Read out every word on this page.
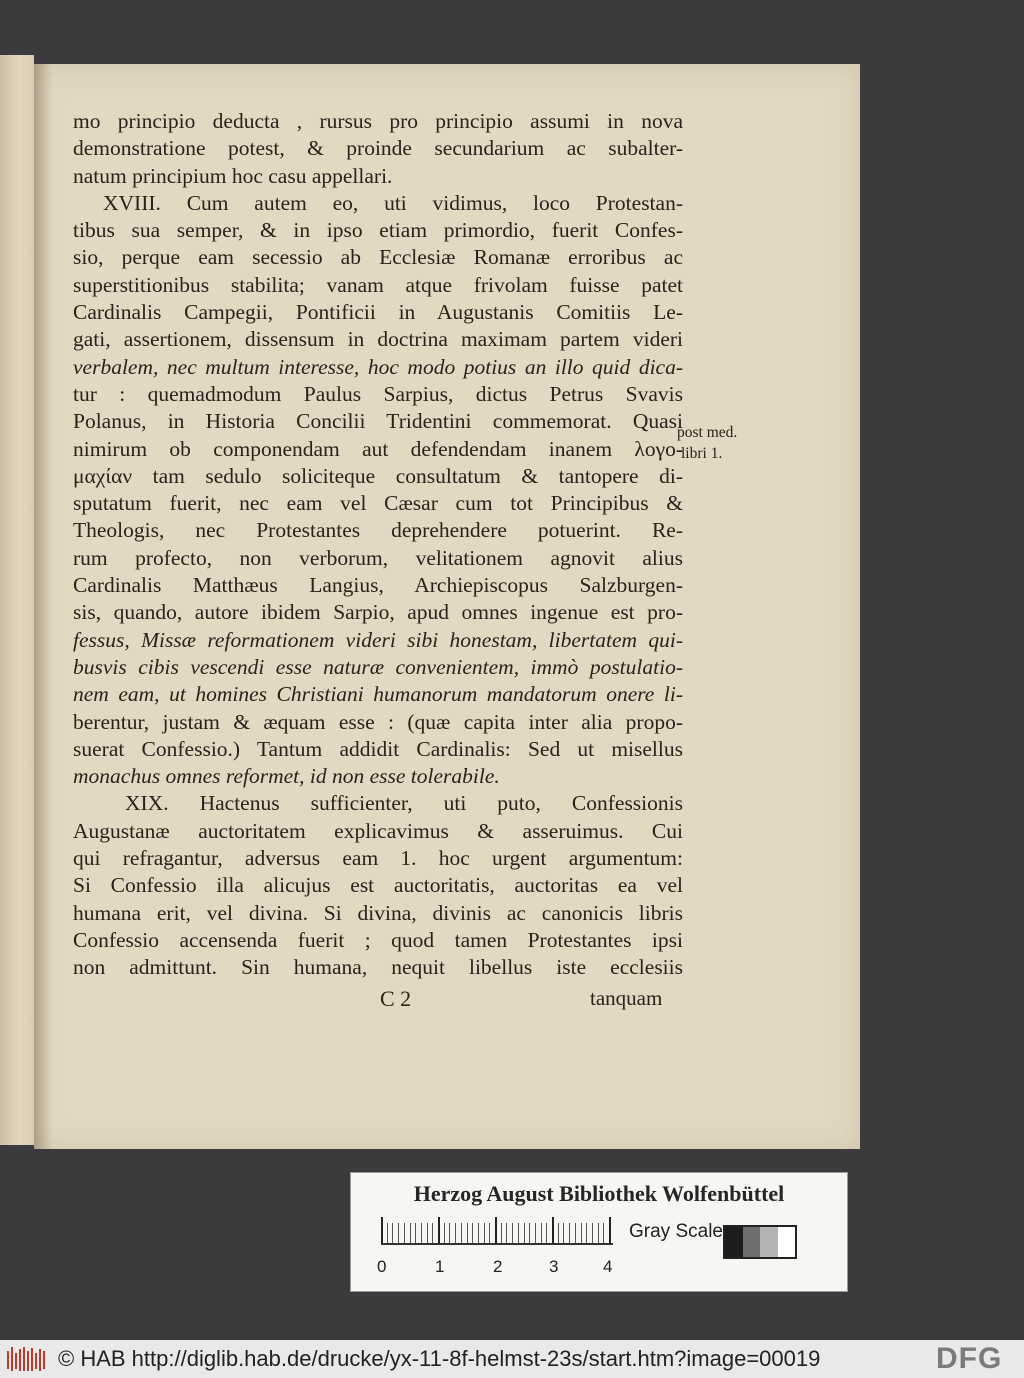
mo principio deducta , rursus pro principio assumi in nova
demonstratione potest, & proinde secundarium ac subalter-
natum principium hoc casu appellari.
XVIII. Cum autem eo, uti vidimus, loco Protestan-
tibus sua semper, & in ipso etiam primordio, fuerit Confes-
sio, perque eam secessio ab Ecclesiæ Romanæ erroribus ac
superstitionibus stabilita; vanam atque frivolam fuisse patet
Cardinalis Campegii, Pontificii in Augustanis Comitiis Le-
gati, assertionem, dissensum in doctrina maximam partem videri
verbalem, nec multum interesse, hoc modo potius an illo quid dica-
tur : quemadmodum Paulus Sarpius, dictus Petrus Svavis
Polanus, in Historia Concilii Tridentini commemorat. Quasi
nimirum ob componendam aut defendendam inanem λογο-
μαχίαν tam sedulo soliciteque consultatum & tantopere di-
sputatum fuerit, nec eam vel Cæsar cum tot Principibus &
Theologis, nec Protestantes deprehendere potuerint. Re-
rum profecto, non verborum, velitationem agnovit alius
Cardinalis Matthæus Langius, Archiepiscopus Salzburgen-
sis, quando, autore ibidem Sarpio, apud omnes ingenue est pro-
fessus, Missæ reformationem videri sibi honestam, libertatem qui-
busvis cibis vescendi esse naturæ convenientem, immò postulatio-
nem eam, ut homines Christiani humanorum mandatorum onere li-
berentur, justam & æquam esse : (quæ capita inter alia propo-
suerat Confessio.) Tantum addidit Cardinalis: Sed ut misellus
monachus omnes reformet, id non esse tolerabile.
XIX. Hactenus sufficienter, uti puto, Confessionis
Augustanæ auctoritatem explicavimus & asseruimus. Cui
qui refragantur, adversus eam 1. hoc urgent argumentum:
Si Confessio illa alicujus est auctoritatis, auctoritas ea vel
humana erit, vel divina. Si divina, divinis ac canonicis libris
Confessio accensenda fuerit ; quod tamen Protestantes ipsi
non admittunt. Sin humana, nequit libellus iste ecclesiis
post med.
libri 1.
C 2	tanquam
Herzog August Bibliothek Wolfenbüttel
0	1	2	3	4
Gray Scale
© HAB http://diglib.hab.de/drucke/yx-11-8f-helmst-23s/start.htm?image=00019	DFG
